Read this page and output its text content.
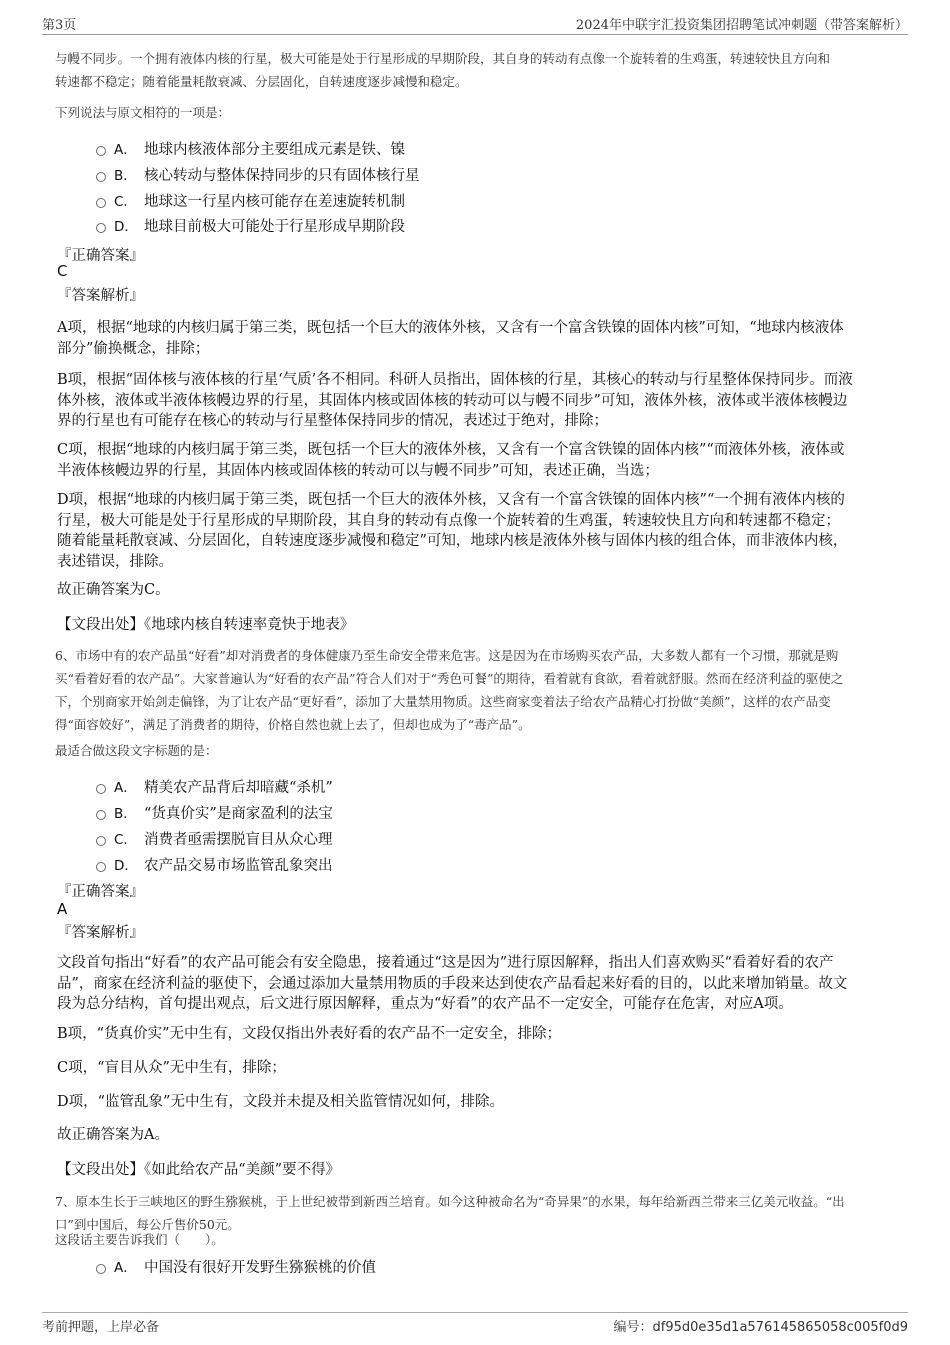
第3页	2024年中联宇汇投资集团招聘笔试冲刺题（带答案解析）
与幔不同步。一个拥有液体内核的行星，极大可能是处于行星形成的早期阶段，其自身的转动有点像一个旋转着的生鸡蛋，转速较快且方向和
转速都不稳定；随着能量耗散衰减、分层固化，自转速度逐步减慢和稳定。
下列说法与原文相符的一项是：
A． 地球内核液体部分主要组成元素是铁、镍
B． 核心转动与整体保持同步的只有固体核行星
C． 地球这一行星内核可能存在差速旋转机制
D． 地球目前极大可能处于行星形成早期阶段
『正确答案』
C
『答案解析』
A项，根据“地球的内核归属于第三类，既包括一个巨大的液体外核，又含有一个富含铁镍的固体内核”可知，“地球内核液体
部分”偷换概念，排除；
B项，根据“固体核与液体核的行星‘气质’各不相同。科研人员指出，固体核的行星，其核心的转动与行星整体保持同步。而液
体外核，液体或半液体核幔边界的行星，其固体内核或固体核的转动可以与幔不同步”可知，液体外核，液体或半液体核幔边
界的行星也有可能存在核心的转动与行星整体保持同步的情况，表述过于绝对，排除；
C项，根据“地球的内核归属于第三类，既包括一个巨大的液体外核，又含有一个富含铁镍的固体内核”“而液体外核，液体或
半液体核幔边界的行星，其固体内核或固体核的转动可以与幔不同步”可知，表述正确，当选；
D项，根据“地球的内核归属于第三类，既包括一个巨大的液体外核，又含有一个富含铁镍的固体内核”“一个拥有液体内核的
行星，极大可能是处于行星形成的早期阶段，其自身的转动有点像一个旋转着的生鸡蛋，转速较快且方向和转速都不稳定；
随着能量耗散衰减、分层固化，自转速度逐步减慢和稳定”可知，地球内核是液体外核与固体内核的组合体，而非液体内核，
表述错误，排除。
故正确答案为C。
【文段出处】《地球内核自转速率竟快于地表》
6、市场中有的农产品虽“好看”却对消费者的身体健康乃至生命安全带来危害。这是因为在市场购买农产品，大多数人都有一个习惯，那就是购
买“看着好看的农产品”。大家普遍认为“好看的农产品”符合人们对于“秀色可餐”的期待，看着就有食欲，看着就舒服。然而在经济利益的驱使之
下，个别商家开始剑走偏锋，为了让农产品“更好看”，添加了大量禁用物质。这些商家变着法子给农产品精心打扮做“美颜”，这样的农产品变
得“面容姣好”，满足了消费者的期待，价格自然也就上去了，但却也成为了“毒产品”。
最适合做这段文字标题的是：
A． 精美农产品背后却暗藏“杀机”
B． “货真价实”是商家盈利的法宝
C． 消费者亟需摆脱盲目从众心理
D． 农产品交易市场监管乱象突出
『正确答案』
A
『答案解析』
文段首句指出“好看”的农产品可能会有安全隐患，接着通过“这是因为”进行原因解释，指出人们喜欢购买“看着好看的农产
品”，商家在经济利益的驱使下，会通过添加大量禁用物质的手段来达到使农产品看起来好看的目的，以此来增加销量。故文
段为总分结构，首句提出观点，后文进行原因解释，重点为“好看”的农产品不一定安全，可能存在危害，对应A项。
B项，“货真价实”无中生有，文段仅指出外表好看的农产品不一定安全，排除；
C项，“盲目从众”无中生有，排除；
D项，“监管乱象”无中生有，文段并未提及相关监管情况如何，排除。
故正确答案为A。
【文段出处】《如此给农产品“美颜”要不得》
7、原本生长于三峡地区的野生猕猴桃，于上世纪被带到新西兰培育。如今这种被命名为“奇异果”的水果，每年给新西兰带来三亿美元收益。“出
口”到中国后，每公斤售价50元。
这段话主要告诉我们（　　）。
A． 中国没有很好开发野生猕猴桃的价值
考前押题，上岸必备	编号：df95d0e35d1a576145865058c005f0d9
